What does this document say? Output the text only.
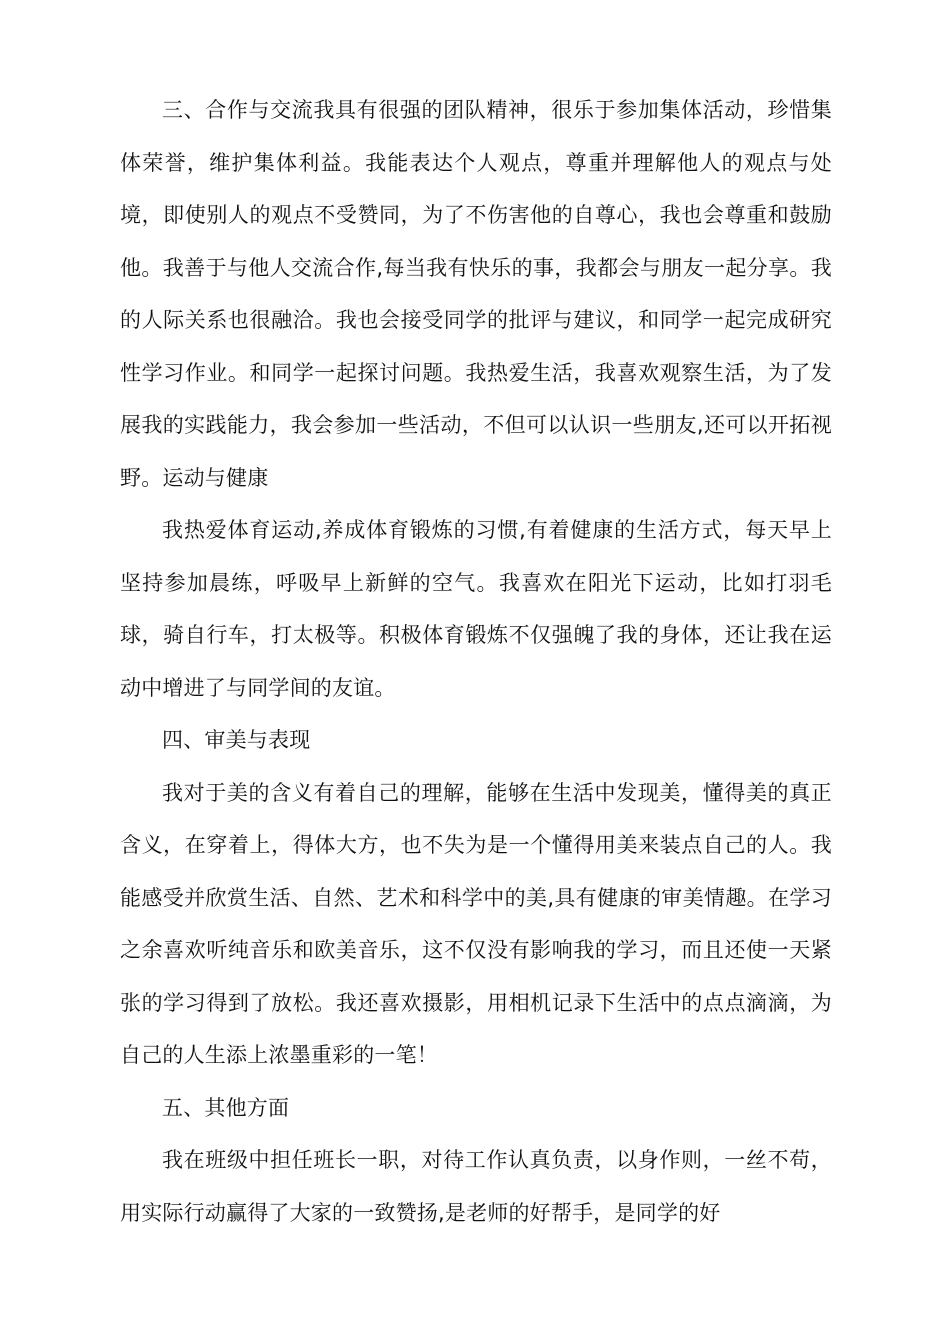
三、合作与交流我具有很强的团队精神，很乐于参加集体活动，珍惜集体荣誉，维护集体利益。我能表达个人观点，尊重并理解他人的观点与处境，即使别人的观点不受赞同，为了不伤害他的自尊心，我也会尊重和鼓励他。我善于与他人交流合作,每当我有快乐的事，我都会与朋友一起分享。我的人际关系也很融洽。我也会接受同学的批评与建议，和同学一起完成研究性学习作业。和同学一起探讨问题。我热爱生活，我喜欢观察生活，为了发展我的实践能力，我会参加一些活动，不但可以认识一些朋友,还可以开拓视野。运动与健康

我热爱体育运动,养成体育锻炼的习惯,有着健康的生活方式，每天早上坚持参加晨练，呼吸早上新鲜的空气。我喜欢在阳光下运动，比如打羽毛球，骑自行车，打太极等。积极体育锻炼不仅强魄了我的身体，还让我在运动中增进了与同学间的友谊。

四、审美与表现

我对于美的含义有着自己的理解，能够在生活中发现美，懂得美的真正含义，在穿着上，得体大方，也不失为是一个懂得用美来装点自己的人。我能感受并欣赏生活、自然、艺术和科学中的美,具有健康的审美情趣。在学习之余喜欢听纯音乐和欧美音乐，这不仅没有影响我的学习，而且还使一天紧张的学习得到了放松。我还喜欢摄影，用相机记录下生活中的点点滴滴，为自己的人生添上浓墨重彩的一笔！

五、其他方面

我在班级中担任班长一职，对待工作认真负责，以身作则，一丝不苟，用实际行动赢得了大家的一致赞扬,是老师的好帮手，是同学的好
